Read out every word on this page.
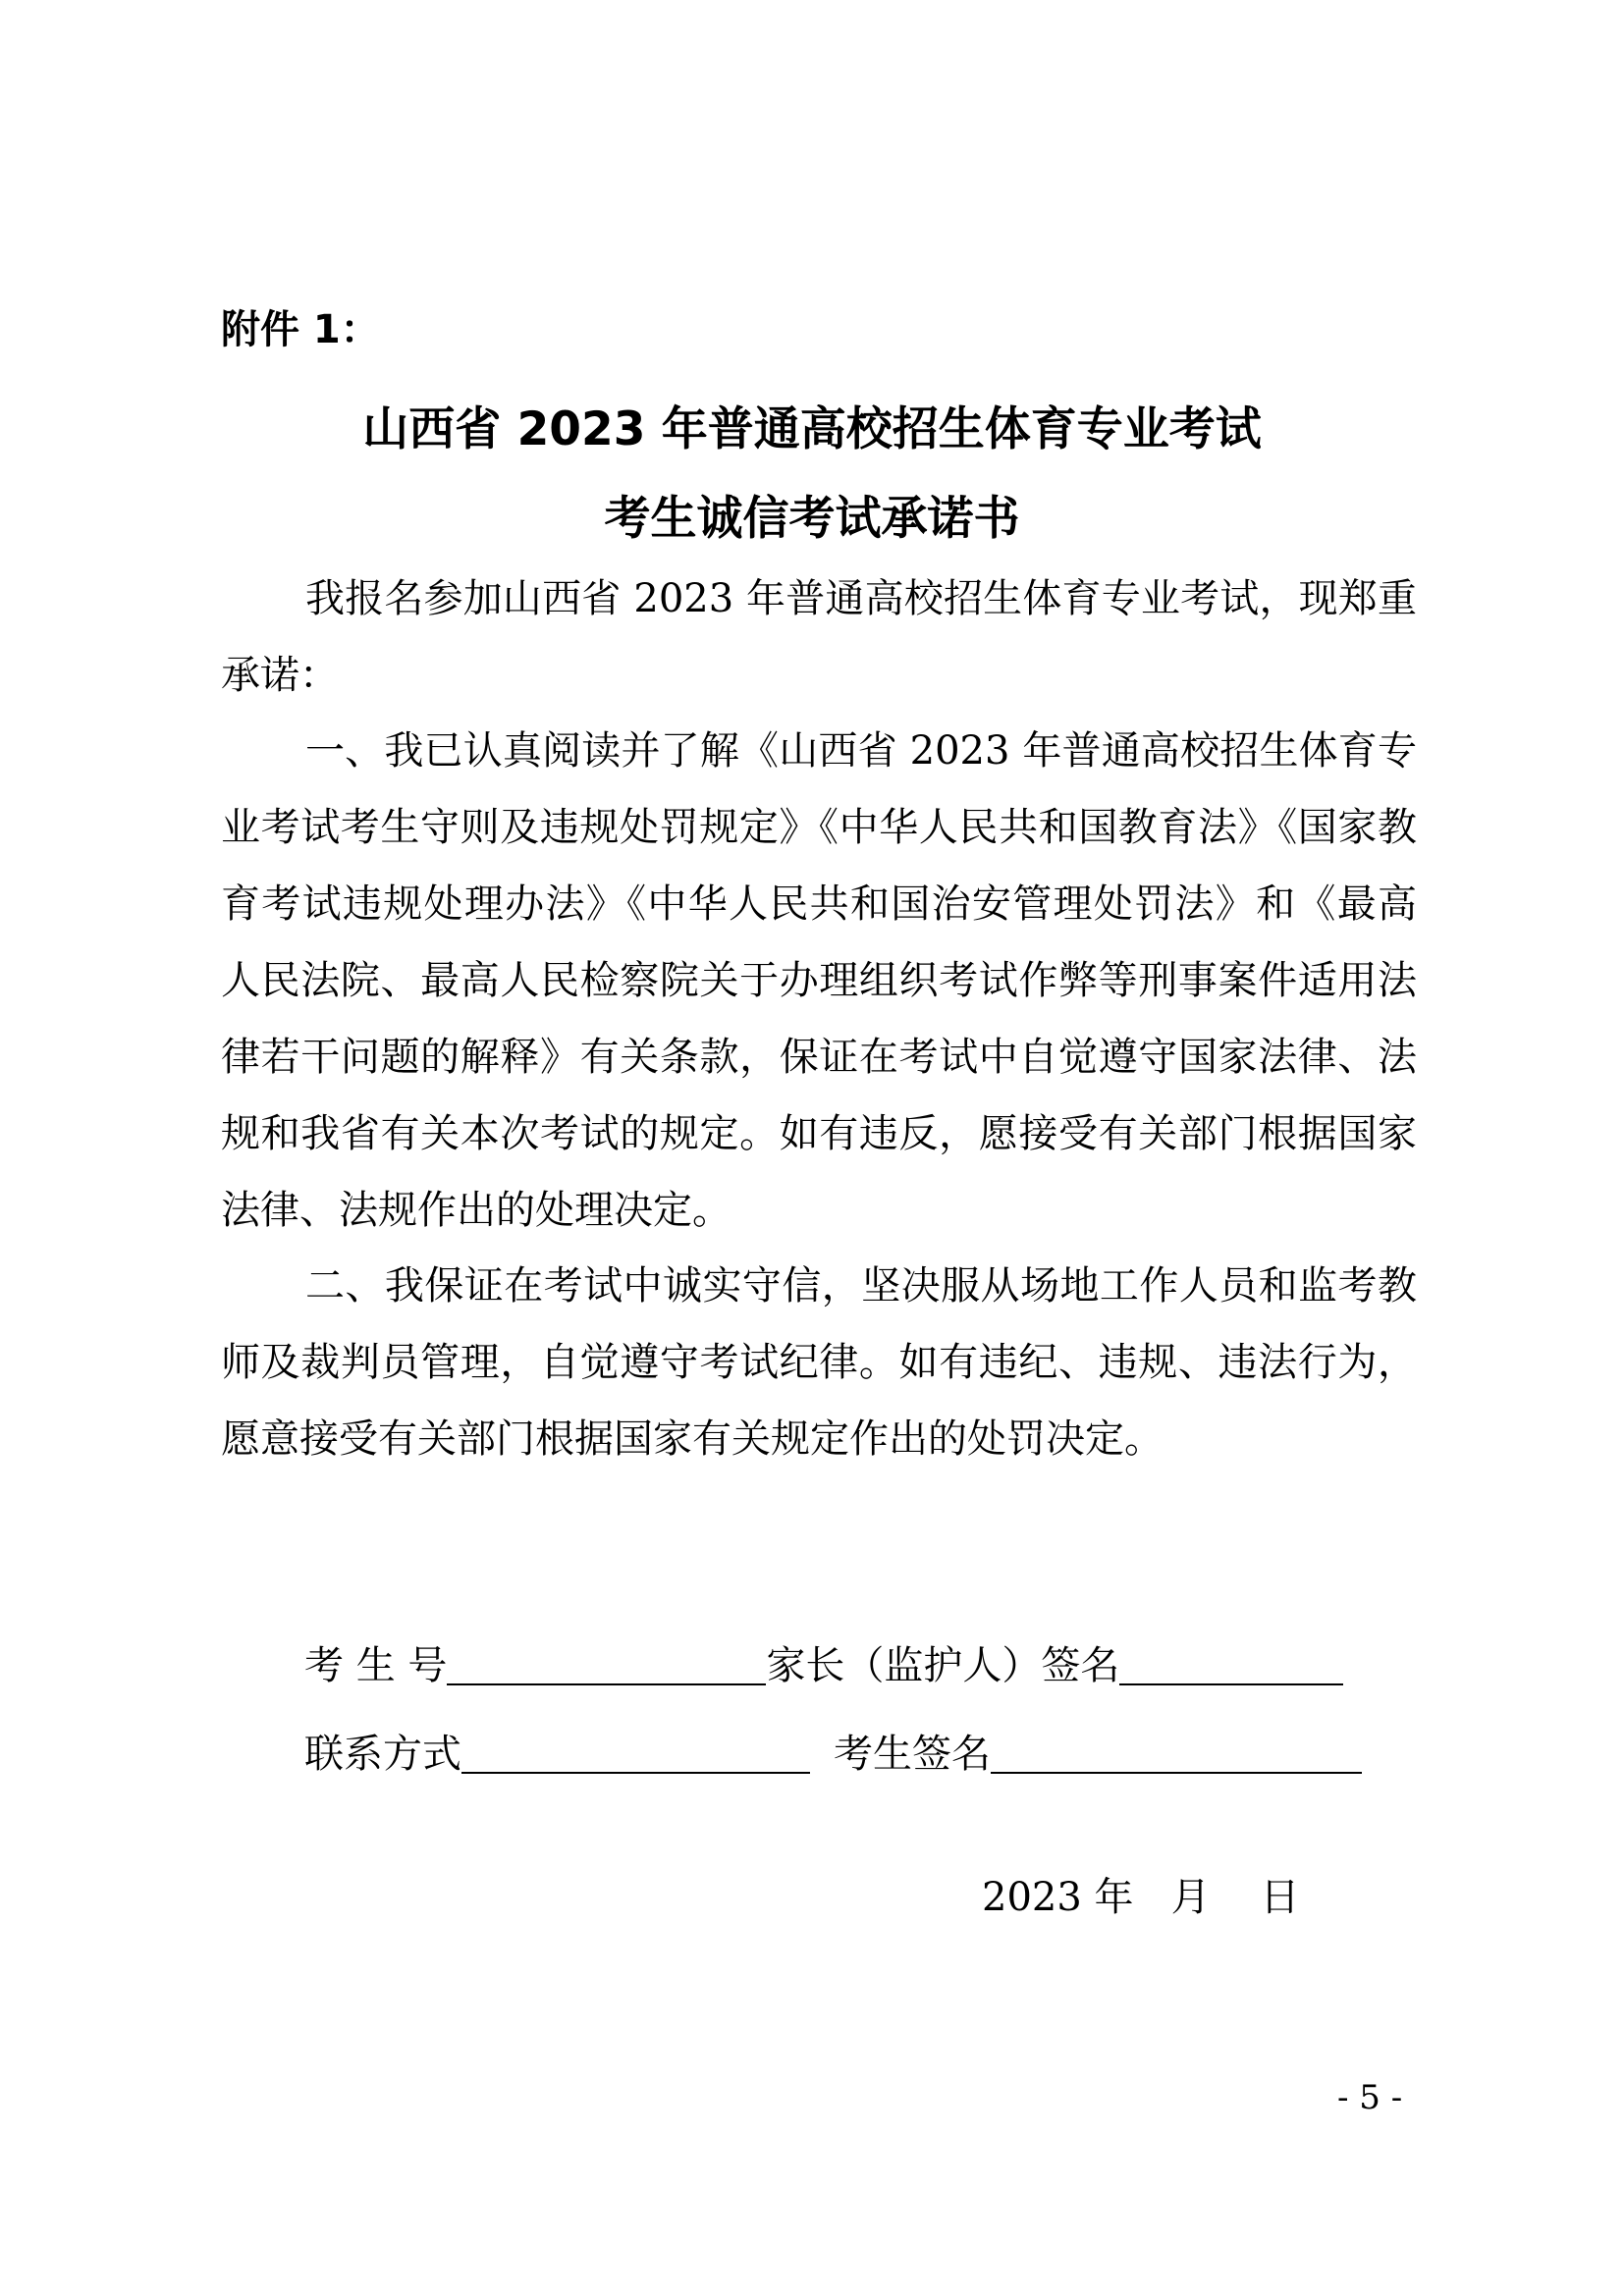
附件 1：
山西省 2023 年普通高校招生体育专业考试
考生诚信考试承诺书

我报名参加山西省 2023 年普通高校招生体育专业考试，现郑重承诺：

一、我已认真阅读并了解《山西省 2023 年普通高校招生体育专业考试考生守则及违规处罚规定》《中华人民共和国教育法》《国家教育考试违规处理办法》《中华人民共和国治安管理处罚法》和《最高人民法院、最高人民检察院关于办理组织考试作弊等刑事案件适用法律若干问题的解释》有关条款，保证在考试中自觉遵守国家法律、法规和我省有关本次考试的规定。如有违反，愿接受有关部门根据国家法律、法规作出的处理决定。

二、我保证在考试中诚实守信，坚决服从场地工作人员和监考教师及裁判员管理，自觉遵守考试纪律。如有违纪、违规、违法行为，愿意接受有关部门根据国家有关规定作出的处罚决定。

考 生 号	家长（监护人）签名
联系方式	考生签名
2023 年   月    日
- 5 -
